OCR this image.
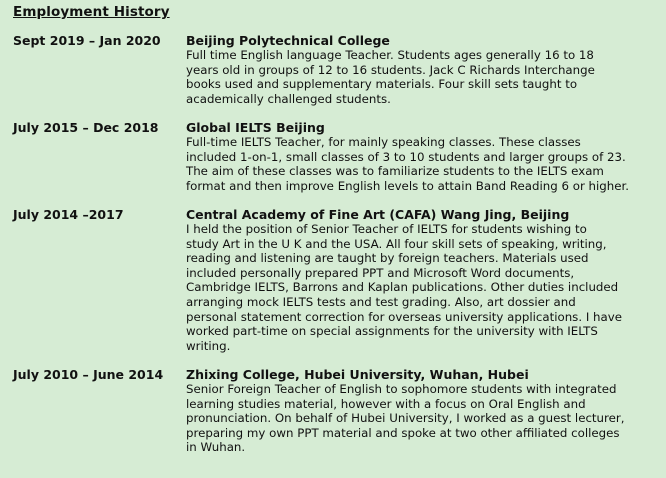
Employment History
Sept 2019 – Jan 2020 Beijing Polytechnical College

Full time English language Teacher. Students ages generally 16 to 18
years old in groups of 12 to 16 students. Jack C Richards Interchange
books used and supplementary materials. Four skill sets taught to
academically challenged students.

July 2015 – Dec 2018 Global IELTS Beijing

Full-time IELTS Teacher, for mainly speaking classes. These classes
included 1-on-1, small classes of 3 to 10 students and larger groups of 23.
The aim of these classes was to familiarize students to the IELTS exam
format and then improve English levels to attain Band Reading 6 or higher.

July 2014 –2017	Central Academy of Fine Art (CAFA) Wang Jing, Beijing

I held the position of Senior Teacher of IELTS for students wishing to
study Art in the U K and the USA. All four skill sets of speaking, writing,
reading and listening are taught by foreign teachers. Materials used
included personally prepared PPT and Microsoft Word documents,
Cambridge IELTS, Barrons and Kaplan publications. Other duties included
arranging mock IELTS tests and test grading. Also, art dossier and
personal statement correction for overseas university applications. I have
worked part-time on special assignments for the university with IELTS
writing.

July 2010 – June 2014 Zhixing College, Hubei University, Wuhan, Hubei

Senior Foreign Teacher of English to sophomore students with integrated
learning studies material, however with a focus on Oral English and
pronunciation. On behalf of Hubei University, I worked as a guest lecturer,
preparing my own PPT material and spoke at two other affiliated colleges
in Wuhan.
